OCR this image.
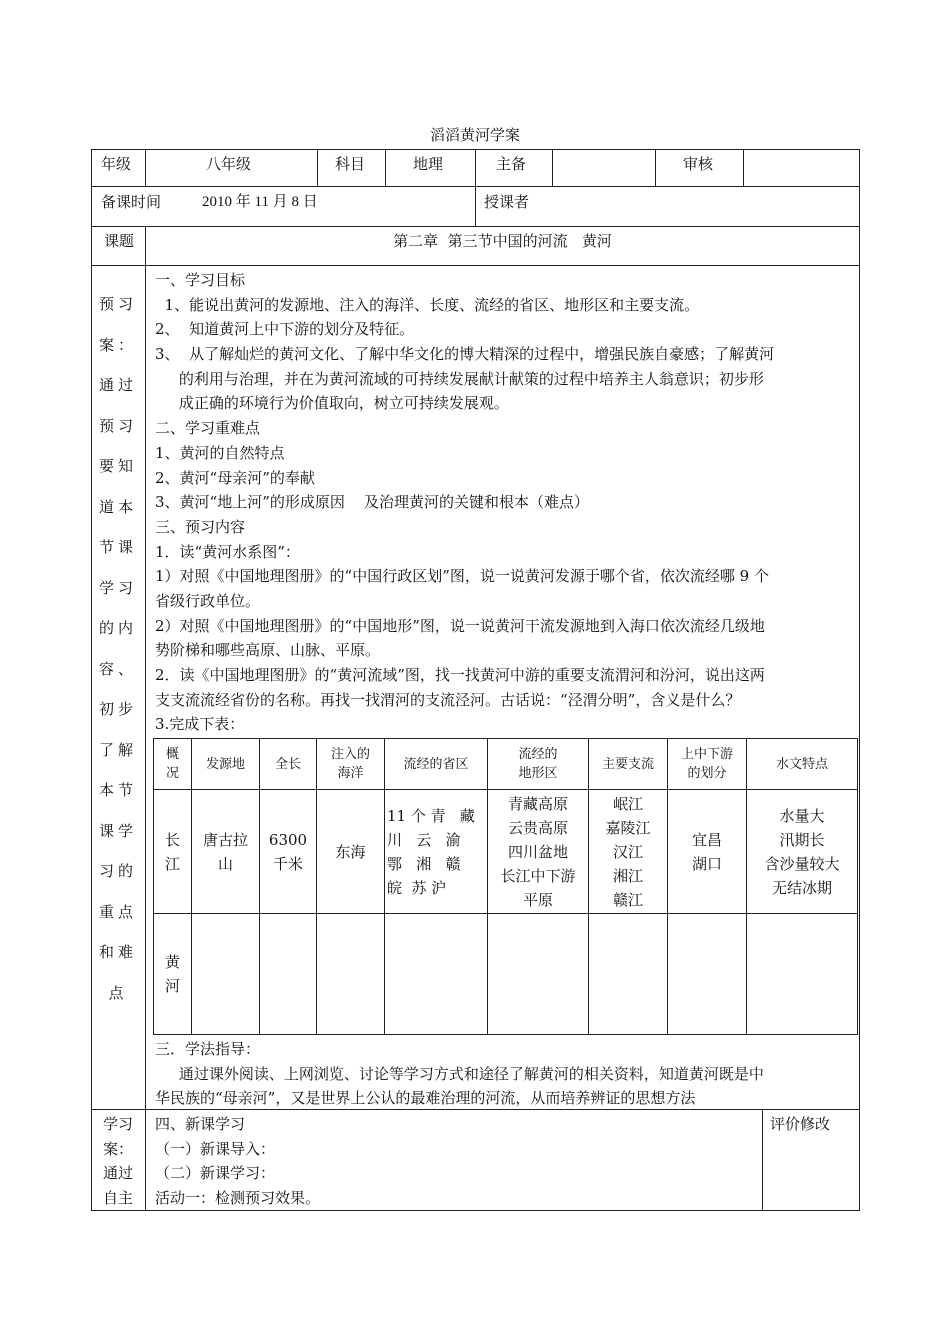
滔滔黄河学案
年级	八年级	科目	地理	主备	审核
备课时间	2010 年 11 月 8 日	授课者
课题	第二章  第三节中国的河流   黄河
预习
案：
通过
预习
要知
道本
节课
学习
的内
容、
初步
了解
本节
课学
习的
重点
和难
点
一、学习目标
1、能说出黄河的发源地、注入的海洋、长度、流经的省区、地形区和主要支流。
2、  知道黄河上中下游的划分及特征。
3、  从了解灿烂的黄河文化、了解中华文化的博大精深的过程中，增强民族自豪感；了解黄河
的利用与治理，并在为黄河流域的可持续发展献计献策的过程中培养主人翁意识；初步形
成正确的环境行为价值取向，树立可持续发展观。
二、学习重难点
1、黄河的自然特点
2、黄河“母亲河”的奉献
3、黄河“地上河”的形成原因    及治理黄河的关键和根本（难点）
三、预习内容
1．读“黄河水系图”：
1）对照《中国地理图册》的“中国行政区划”图，说一说黄河发源于哪个省，依次流经哪 9 个
省级行政单位。
2）对照《中国地理图册》的“中国地形”图，说一说黄河干流发源地到入海口依次流经几级地
势阶梯和哪些高原、山脉、平原。
2．读《中国地理图册》的“黄河流域”图，找一找黄河中游的重要支流渭河和汾河，说出这两
支支流流经省份的名称。再找一找渭河的支流泾河。古话说：“泾渭分明”，含义是什么？
3.完成下表：
概
况	发源地	全长	注入的
海洋	流经的省区	流经的
地形区	主要支流	上中下游
的划分	水文特点

长
江	唐古拉
山	6300
千米	东海	11 个 青   藏
川   云   渝
鄂   湘   赣
皖  苏 沪	青藏高原
云贵高原
四川盆地
长江中下游
平原	岷江
嘉陵江
汉江
湘江
赣江	宜昌
湖口	水量大
汛期长
含沙量较大
无结冰期

黄
河								

三．学法指导：
通过课外阅读、上网浏览、讨论等学习方式和途径了解黄河的相关资料，知道黄河既是中
华民族的“母亲河”，又是世界上公认的最难治理的河流，从而培养辨证的思想方法
学习
案：
通过
自主
四、新课学习
（一）新课导入：
（二）新课学习：
活动一：检测预习效果。
评价修改
